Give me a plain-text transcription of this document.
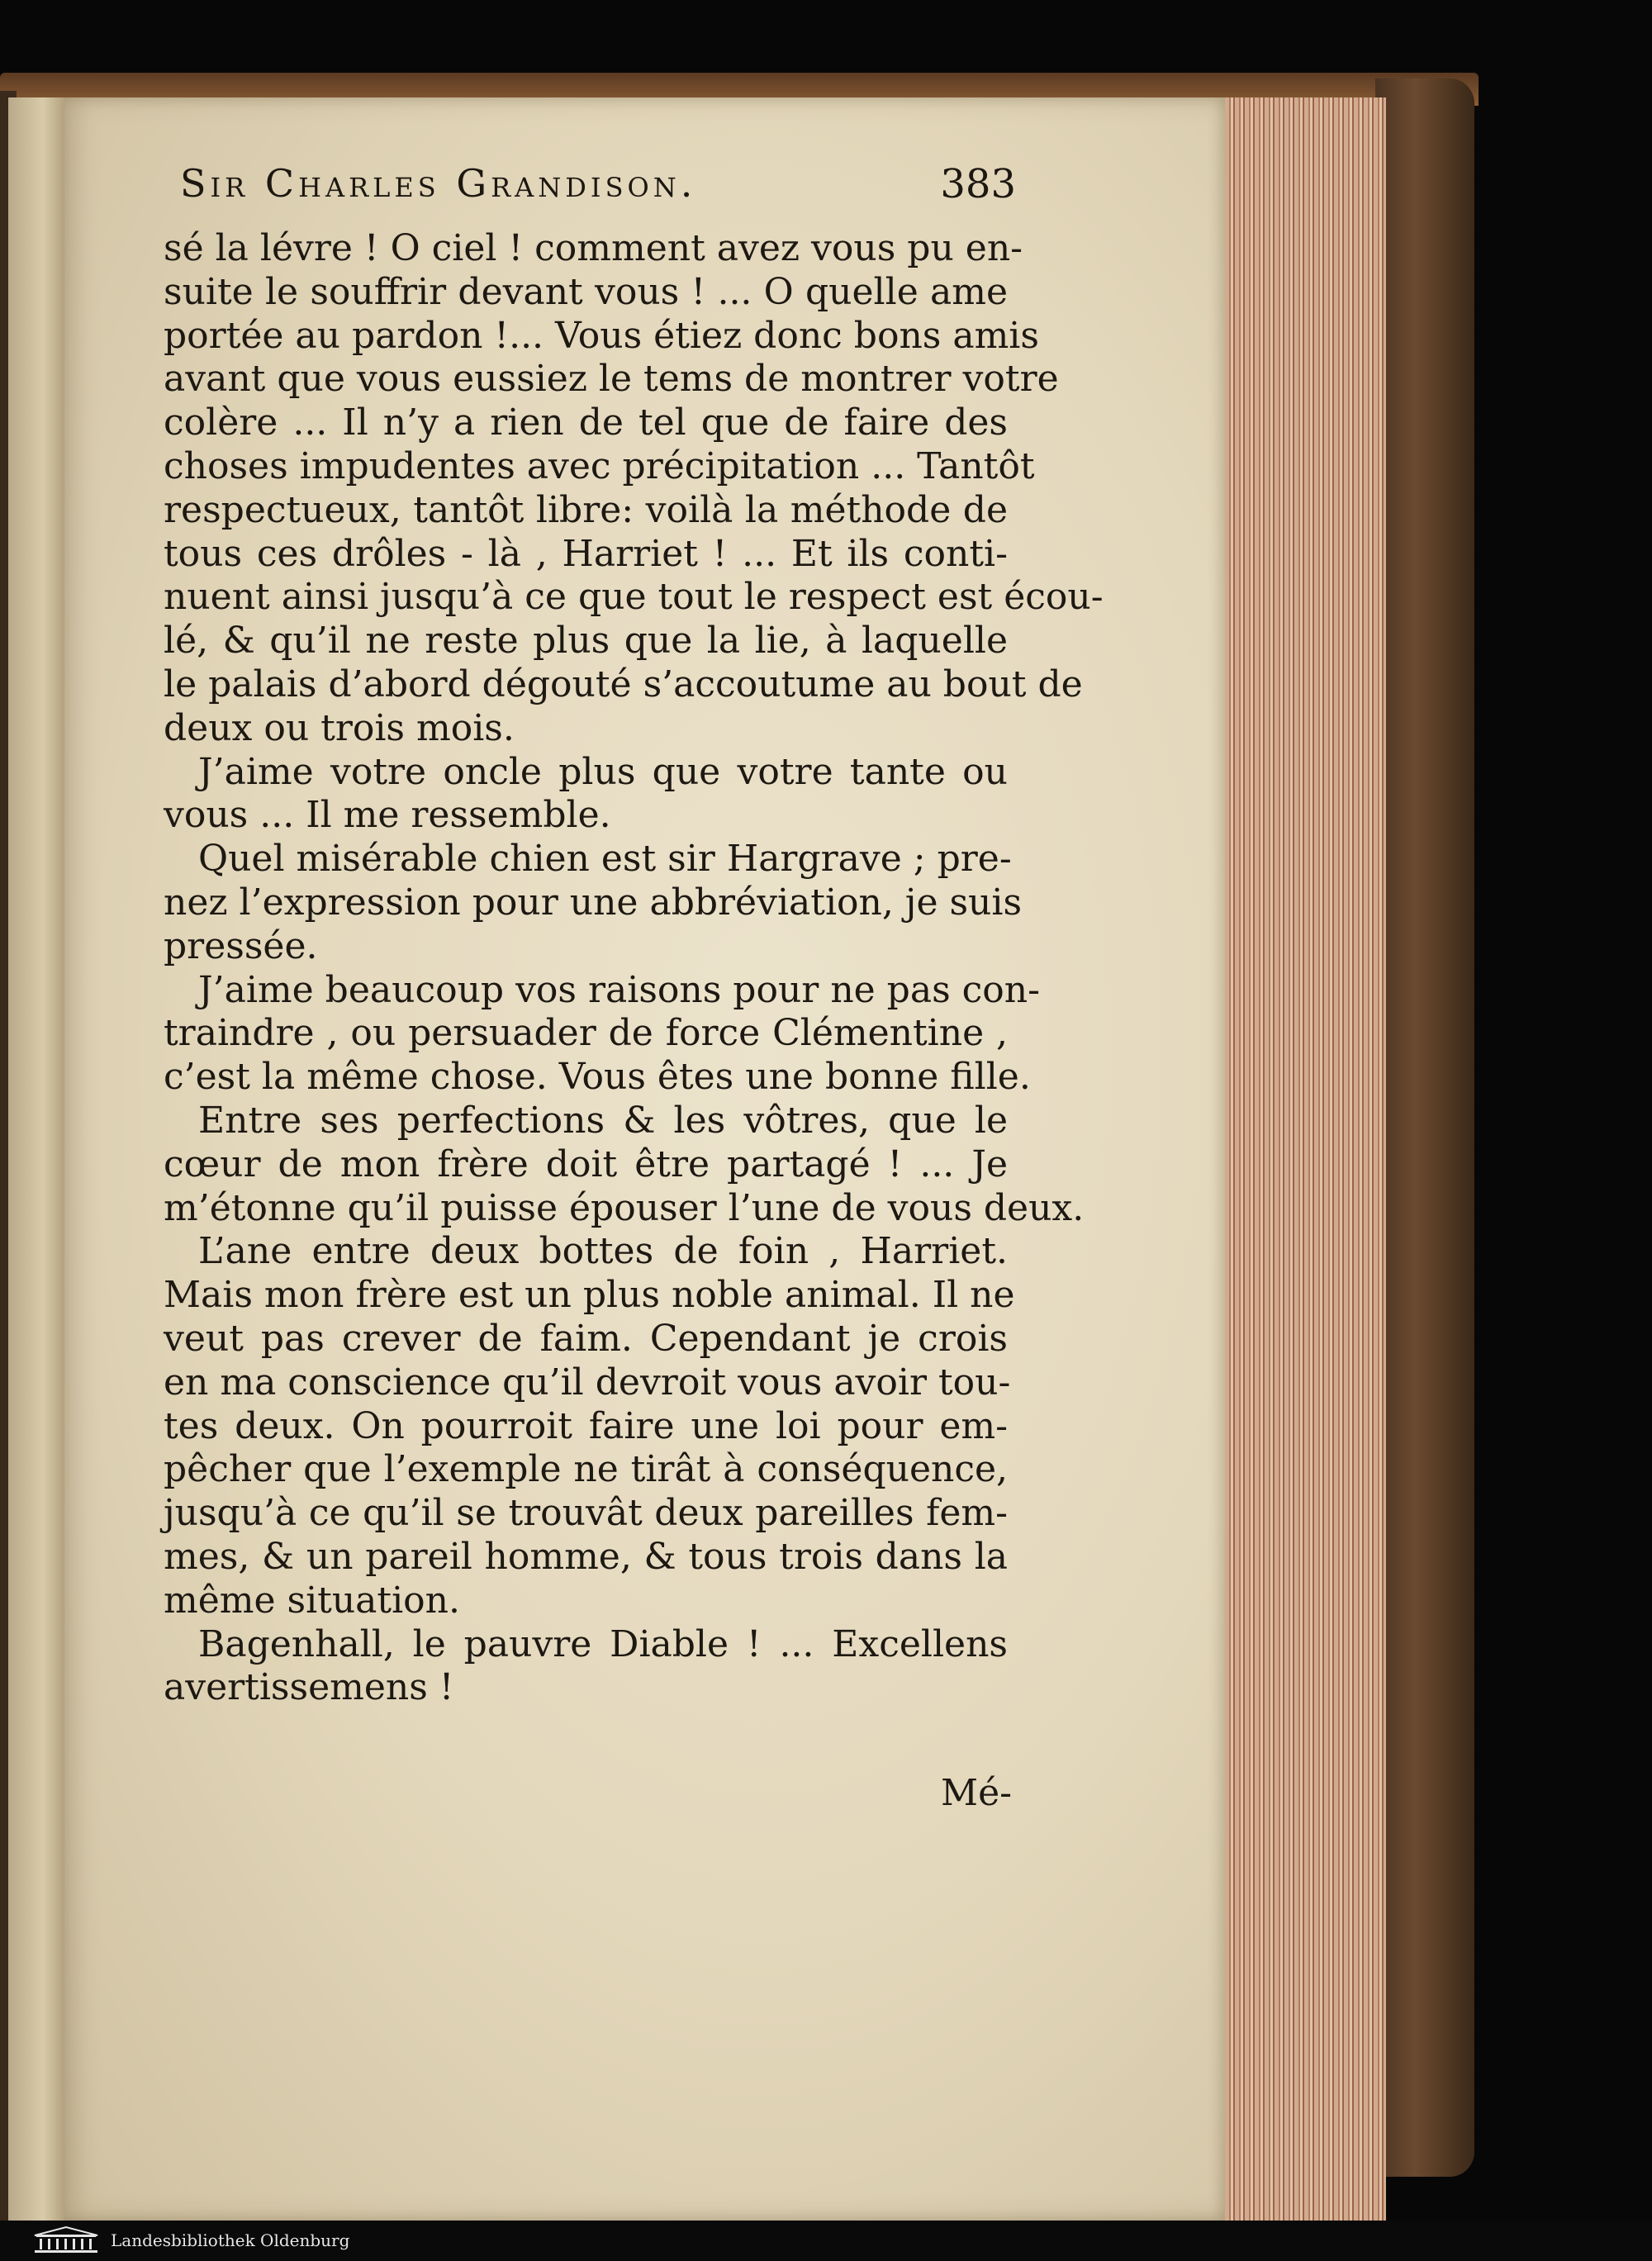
Sir Charles Grandison.	383
sé la lévre ! O ciel ! comment avez vous pu en-
suite le souffrir devant vous ! ... O quelle ame
portée au pardon !... Vous étiez donc bons amis
avant que vous eussiez le tems de montrer votre
colère ... Il n’y a rien de tel que de faire des
choses impudentes avec précipitation ... Tantôt
respectueux, tantôt libre: voilà la méthode de
tous ces drôles - là , Harriet ! ... Et ils conti-
nuent ainsi jusqu’à ce que tout le respect est écou-
lé, & qu’il ne reste plus que la lie, à laquelle
le palais d’abord dégouté s’accoutume au bout de
deux ou trois mois.
J’aime votre oncle plus que votre tante ou
vous ... Il me ressemble.
Quel misérable chien est sir Hargrave ; pre-
nez l’expression pour une abbréviation, je suis
pressée.
J’aime beaucoup vos raisons pour ne pas con-
traindre , ou persuader de force Clémentine ,
c’est la même chose. Vous êtes une bonne fille.
Entre ses perfections & les vôtres, que le
cœur de mon frère doit être partagé ! ... Je
m’étonne qu’il puisse épouser l’une de vous deux.
L’ane entre deux bottes de foin , Harriet.
Mais mon frère est un plus noble animal. Il ne
veut pas crever de faim. Cependant je crois
en ma conscience qu’il devroit vous avoir tou-
tes deux. On pourroit faire une loi pour em-
pêcher que l’exemple ne tirât à conséquence,
jusqu’à ce qu’il se trouvât deux pareilles fem-
mes, & un pareil homme, & tous trois dans la
même situation.
Bagenhall, le pauvre Diable ! ... Excellens
avertissemens !
Mé-
Landesbibliothek Oldenburg
